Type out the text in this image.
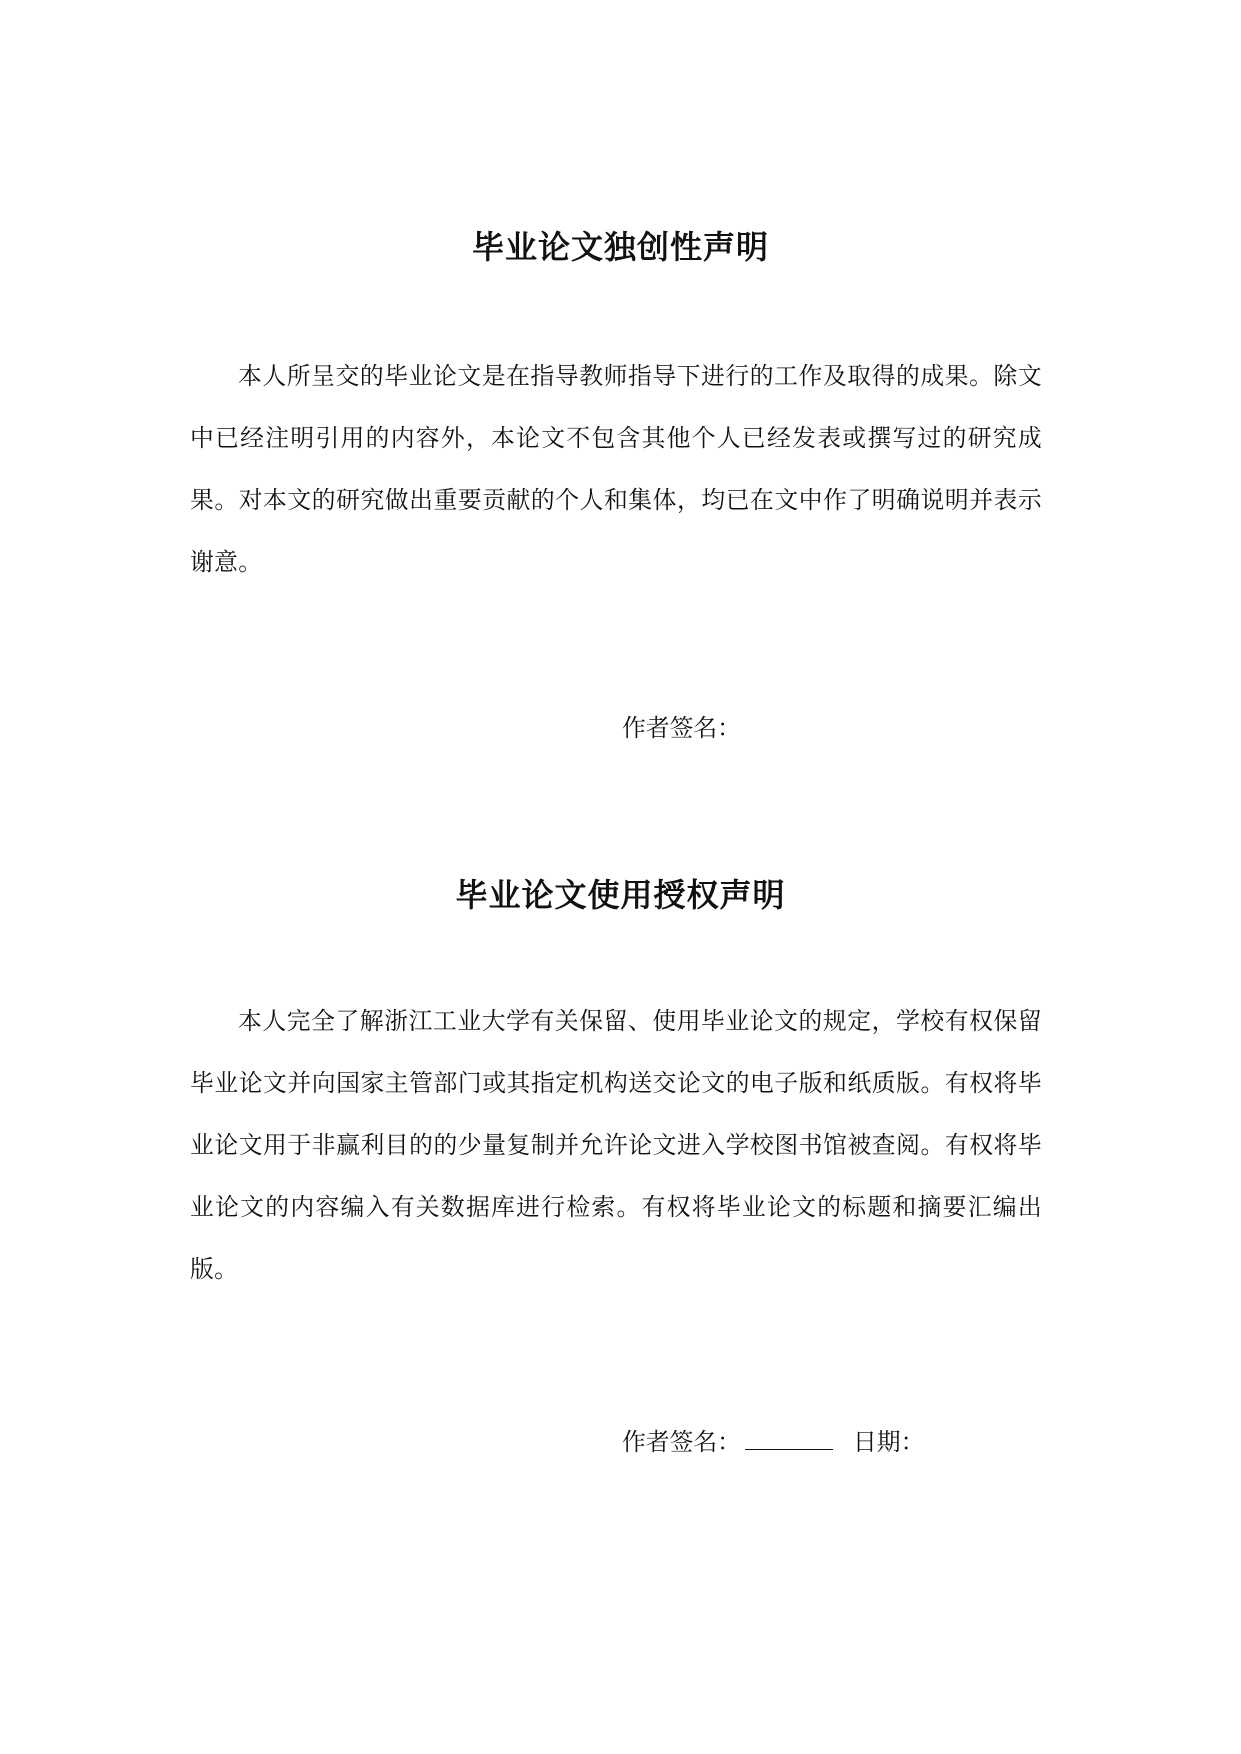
毕业论文独创性声明

本人所呈交的毕业论文是在指导教师指导下进行的工作及取得的成果。除文中已经注明引用的内容外，本论文不包含其他个人已经发表或撰写过的研究成果。对本文的研究做出重要贡献的个人和集体，均已在文中作了明确说明并表示谢意。

作者签名：
毕业论文使用授权声明

本人完全了解浙江工业大学有关保留、使用毕业论文的规定，学校有权保留毕业论文并向国家主管部门或其指定机构送交论文的电子版和纸质版。有权将毕业论文用于非赢利目的的少量复制并允许论文进入学校图书馆被查阅。有权将毕业论文的内容编入有关数据库进行检索。有权将毕业论文的标题和摘要汇编出版。

作者签名：	日期：
